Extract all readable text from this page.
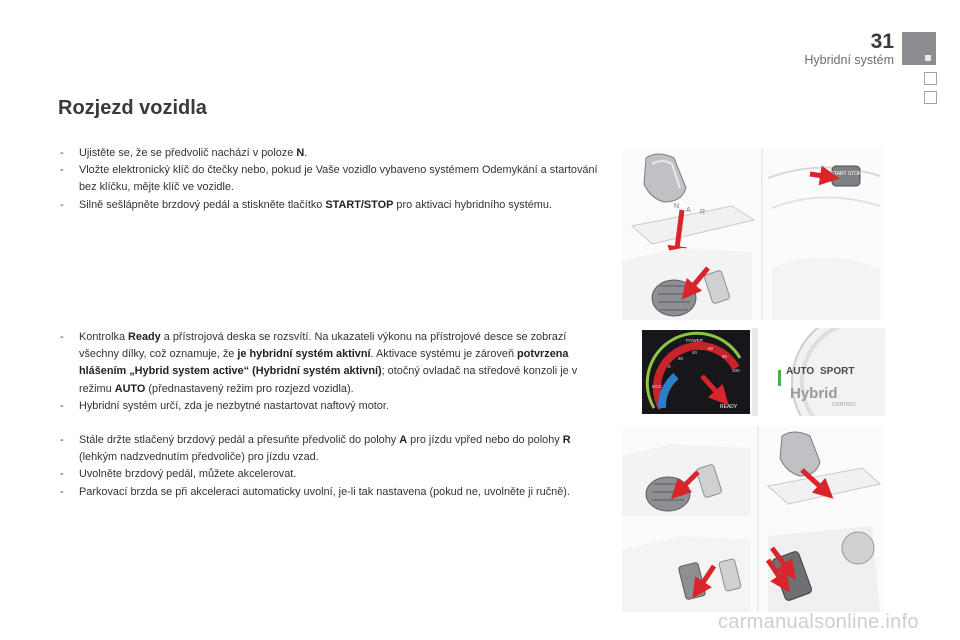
31
Hybridní systém
Rozjezd vozidla
- Ujistěte se, že se předvolič nachází v poloze N.
- Vložte elektronický klíč do čtečky nebo, pokud je Vaše vozidlo vybaveno systémem Odemykání a startování bez klíčku, mějte klíč ve vozidle.
- Silně sešlápněte brzdový pedál a stiskněte tlačítko START/STOP pro aktivaci hybridního systému.
- Kontrolka Ready a přístrojová deska se rozsvítí. Na ukazateli výkonu na přístrojové desce se zobrazí všechny dílky, což oznamuje, že je hybridní systém aktivní. Aktivace systému je zároveň potvrzena hlášením „Hybrid system active“ (Hybridní systém aktivní); otočný ovladač na středové konzoli je v režimu AUTO (přednastavený režim pro rozjezd vozidla).
- Hybridní systém určí, zda je nezbytné nastartovat naftový motor.
- Stále držte stlačený brzdový pedál a přesuňte předvolič do polohy A pro jízdu vpřed nebo do polohy R (lehkým nadzvednutím předvoliče) pro jízdu vzad.
- Uvolněte brzdový pedál, můžete akcelerovat.
- Parkovací brzda se při akceleraci automaticky uvolní, je-li tak nastavena (pokud ne, uvolněte ji ručně).
N
A R
START STOP
ECO
0
20
40
60
80
100
POWER
READY
AUTO SPORT
Hybrid
CONTROL
carmanualsonline.info
